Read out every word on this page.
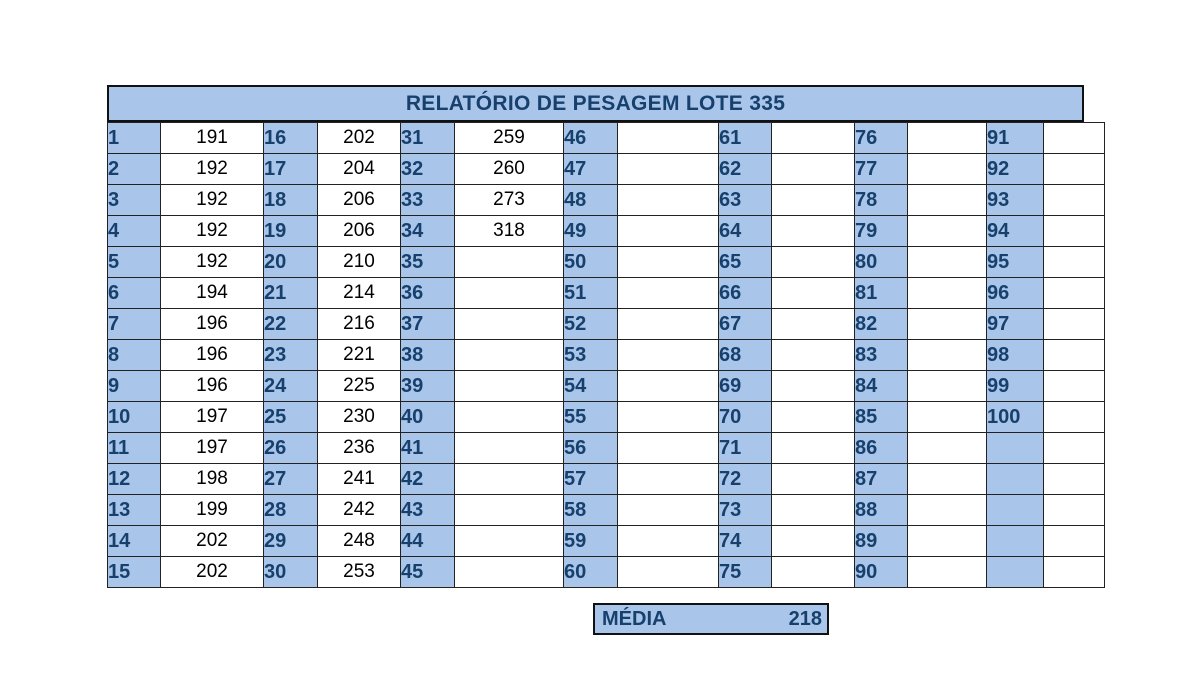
RELATÓRIO DE PESAGEM LOTE 335
1	191	16	202	31	259	46		61		76		91	
2	192	17	204	32	260	47		62		77		92	
3	192	18	206	33	273	48		63		78		93	
4	192	19	206	34	318	49		64		79		94	
5	192	20	210	35		50		65		80		95	
6	194	21	214	36		51		66		81		96	
7	196	22	216	37		52		67		82		97	
8	196	23	221	38		53		68		83		98	
9	196	24	225	39		54		69		84		99	
10	197	25	230	40		55		70		85		100	
11	197	26	236	41		56		71		86			
12	198	27	241	42		57		72		87			
13	199	28	242	43		58		73		88			
14	202	29	248	44		59		74		89			
15	202	30	253	45		60		75		90			
MÉDIA	218
